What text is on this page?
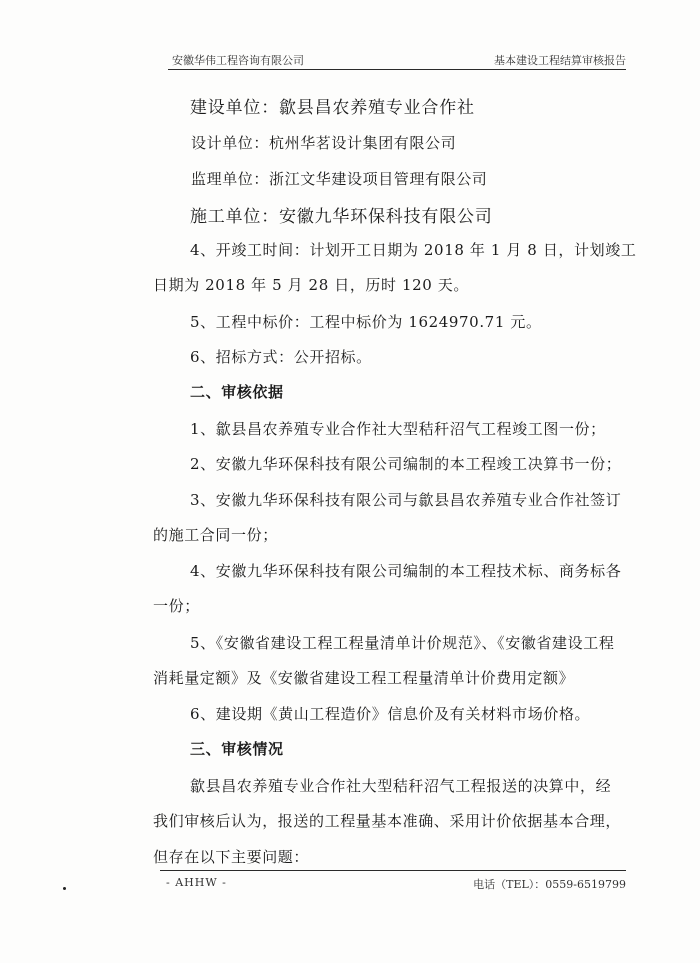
安徽华伟工程咨询有限公司	基本建设工程结算审核报告
建设单位：歙县昌农养殖专业合作社
设计单位：杭州华茗设计集团有限公司
监理单位：浙江文华建设项目管理有限公司
施工单位：安徽九华环保科技有限公司
4、开竣工时间：计划开工日期为 2018 年 1 月 8 日，计划竣工
日期为 2018 年 5 月 28 日，历时 120 天。
5、工程中标价：工程中标价为 1624970.71 元。
6、招标方式：公开招标。
二、审核依据
1、歙县昌农养殖专业合作社大型秸秆沼气工程竣工图一份；
2、安徽九华环保科技有限公司编制的本工程竣工决算书一份；
3、安徽九华环保科技有限公司与歙县昌农养殖专业合作社签订
的施工合同一份；
4、安徽九华环保科技有限公司编制的本工程技术标、商务标各
一份；
5、《安徽省建设工程工程量清单计价规范》、《安徽省建设工程
消耗量定额》及《安徽省建设工程工程量清单计价费用定额》
6、建设期《黄山工程造价》信息价及有关材料市场价格。
三、审核情况
歙县昌农养殖专业合作社大型秸秆沼气工程报送的决算中，经
我们审核后认为，报送的工程量基本准确、采用计价依据基本合理，
但存在以下主要问题：
- AHHW -	电话（TEL）：0559-6519799
